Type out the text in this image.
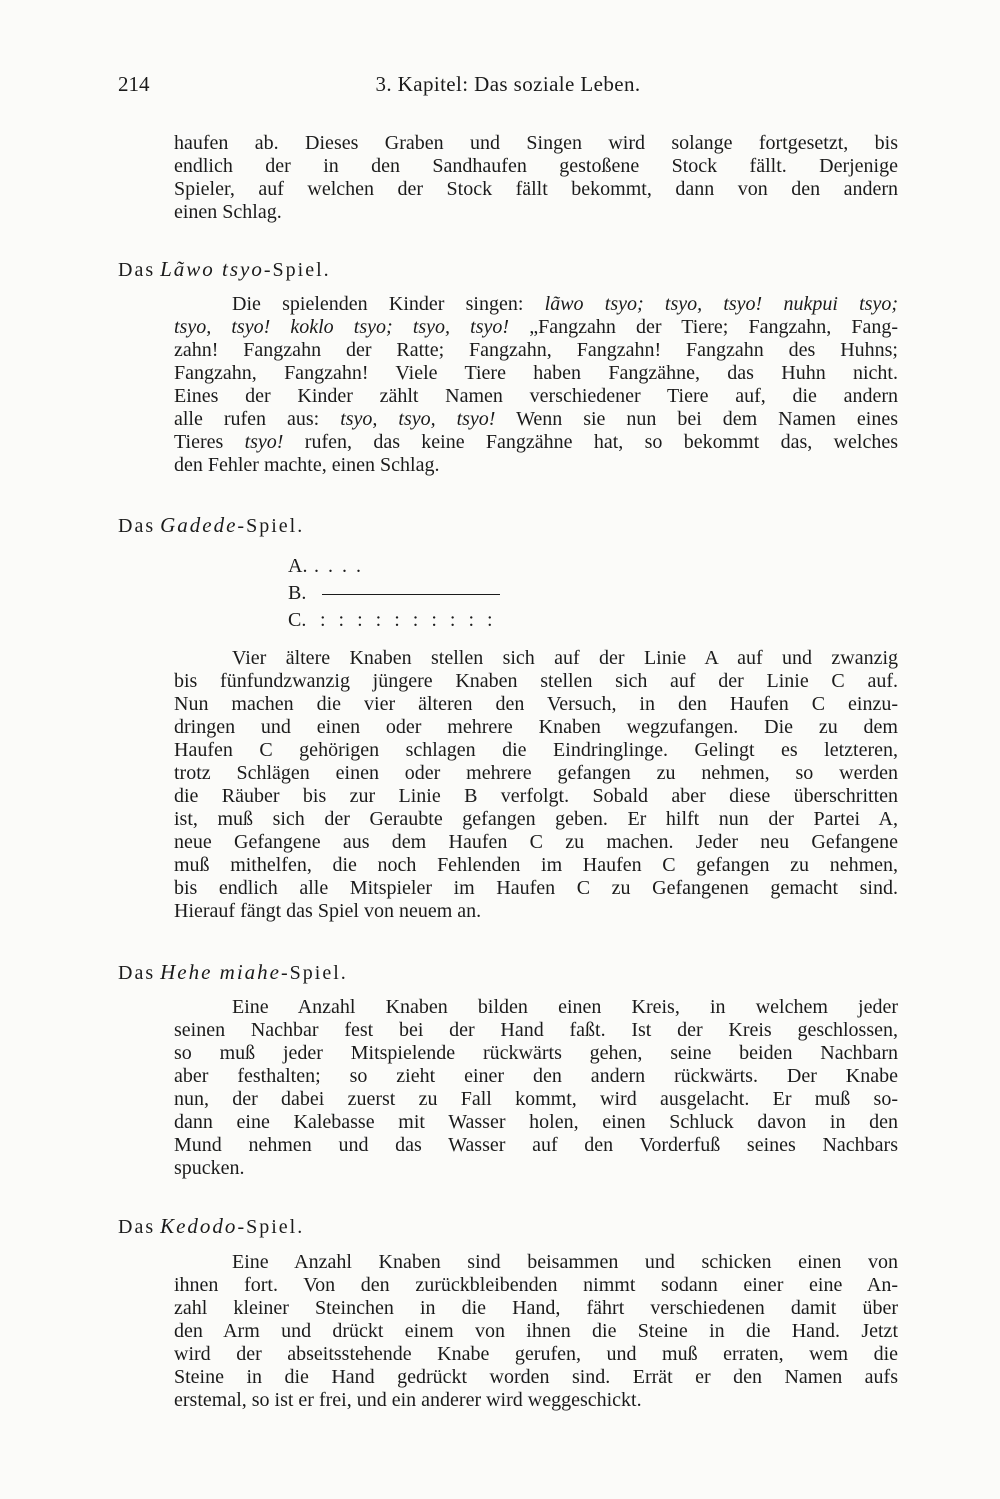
214	3. Kapitel: Das soziale Leben.

haufen ab. Dieses Graben und Singen wird solange fortgesetzt, bis
endlich der in den Sandhaufen gestoßene Stock fällt. Derjenige
Spieler, auf welchen der Stock fällt bekommt, dann von den andern
einen Schlag.

Das Lãwo tsyo-Spiel.

Die spielenden Kinder singen: lãwo tsyo; tsyo, tsyo! nukpui tsyo;
tsyo, tsyo! koklo tsyo; tsyo, tsyo! „Fangzahn der Tiere; Fangzahn, Fang-
zahn! Fangzahn der Ratte; Fangzahn, Fangzahn! Fangzahn des Huhns;
Fangzahn, Fangzahn! Viele Tiere haben Fangzähne, das Huhn nicht.
Eines der Kinder zählt Namen verschiedener Tiere auf, die andern
alle rufen aus: tsyo, tsyo, tsyo! Wenn sie nun bei dem Namen eines
Tieres tsyo! rufen, das keine Fangzähne hat, so bekommt das, welches
den Fehler machte, einen Schlag.

Das Gadede-Spiel.
A. . . . .
B.
C. : : : : : : : : : :

Vier ältere Knaben stellen sich auf der Linie A auf und zwanzig
bis fünfundzwanzig jüngere Knaben stellen sich auf der Linie C auf.
Nun machen die vier älteren den Versuch, in den Haufen C einzu-
dringen und einen oder mehrere Knaben wegzufangen. Die zu dem
Haufen C gehörigen schlagen die Eindringlinge. Gelingt es letzteren,
trotz Schlägen einen oder mehrere gefangen zu nehmen, so werden
die Räuber bis zur Linie B verfolgt. Sobald aber diese überschritten
ist, muß sich der Geraubte gefangen geben. Er hilft nun der Partei A,
neue Gefangene aus dem Haufen C zu machen. Jeder neu Gefangene
muß mithelfen, die noch Fehlenden im Haufen C gefangen zu nehmen,
bis endlich alle Mitspieler im Haufen C zu Gefangenen gemacht sind.
Hierauf fängt das Spiel von neuem an.

Das Hehe miahe-Spiel.

Eine Anzahl Knaben bilden einen Kreis, in welchem jeder
seinen Nachbar fest bei der Hand faßt. Ist der Kreis geschlossen,
so muß jeder Mitspielende rückwärts gehen, seine beiden Nachbarn
aber festhalten; so zieht einer den andern rückwärts. Der Knabe
nun, der dabei zuerst zu Fall kommt, wird ausgelacht. Er muß so-
dann eine Kalebasse mit Wasser holen, einen Schluck davon in den
Mund nehmen und das Wasser auf den Vorderfuß seines Nachbars
spucken.

Das Kedodo-Spiel.

Eine Anzahl Knaben sind beisammen und schicken einen von
ihnen fort. Von den zurückbleibenden nimmt sodann einer eine An-
zahl kleiner Steinchen in die Hand, fährt verschiedenen damit über
den Arm und drückt einem von ihnen die Steine in die Hand. Jetzt
wird der abseitsstehende Knabe gerufen, und muß erraten, wem die
Steine in die Hand gedrückt worden sind. Errät er den Namen aufs
erstemal, so ist er frei, und ein anderer wird weggeschickt.
